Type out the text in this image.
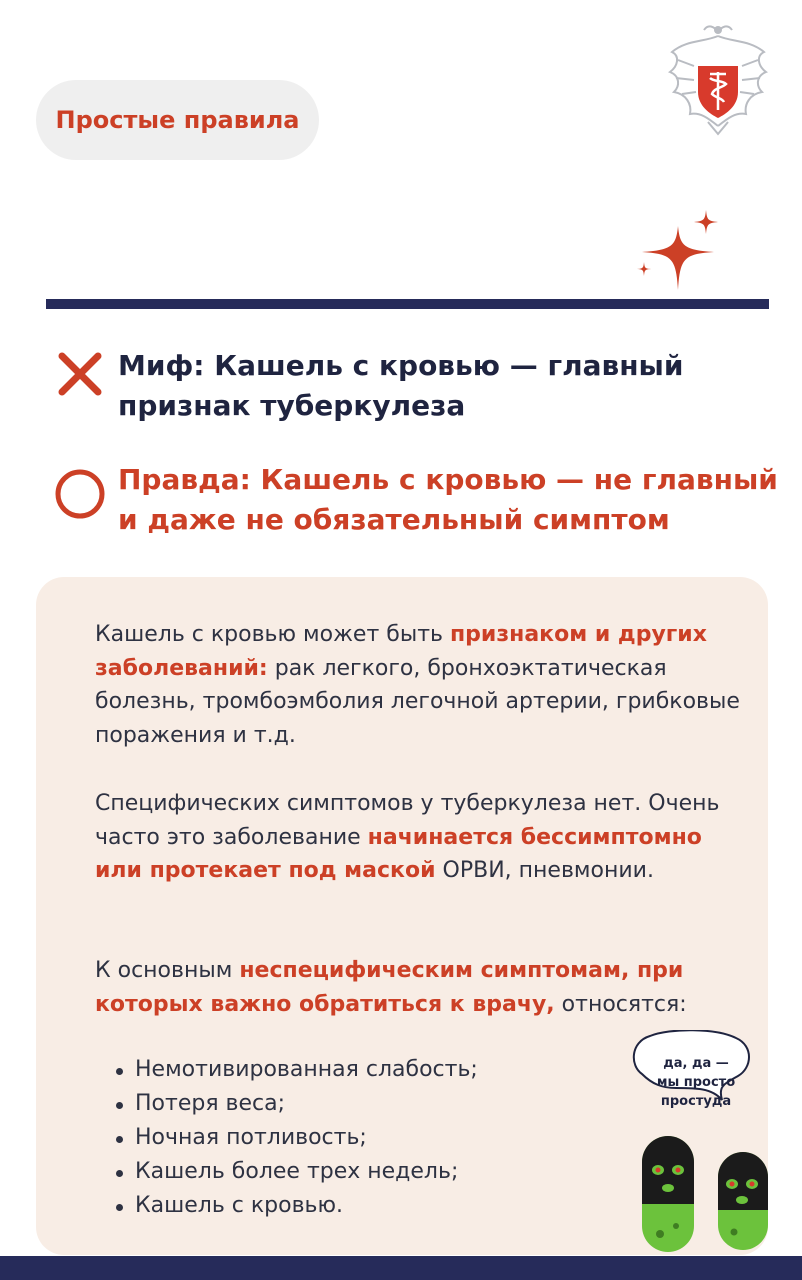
Простые правила
Миф: Кашель с кровью — главный
признак туберкулеза
Правда: Кашель с кровью — не главный
и даже не обязательный симптом
Кашель с кровью может быть признаком и других заболеваний: рак легкого, бронхоэктатическая болезнь, тромбоэмболия легочной артерии, грибковые поражения и т.д.
Специфических симптомов у туберкулеза нет. Очень часто это заболевание начинается бессимптомно или протекает под маской ОРВИ, пневмонии.
К основным неспецифическим симптомам, при которых важно обратиться к врачу, относятся:
Немотивированная слабость;
Потеря веса;
Ночная потливость;
Кашель более трех недель;
Кашель с кровью.
да, да —
мы просто
простуда
